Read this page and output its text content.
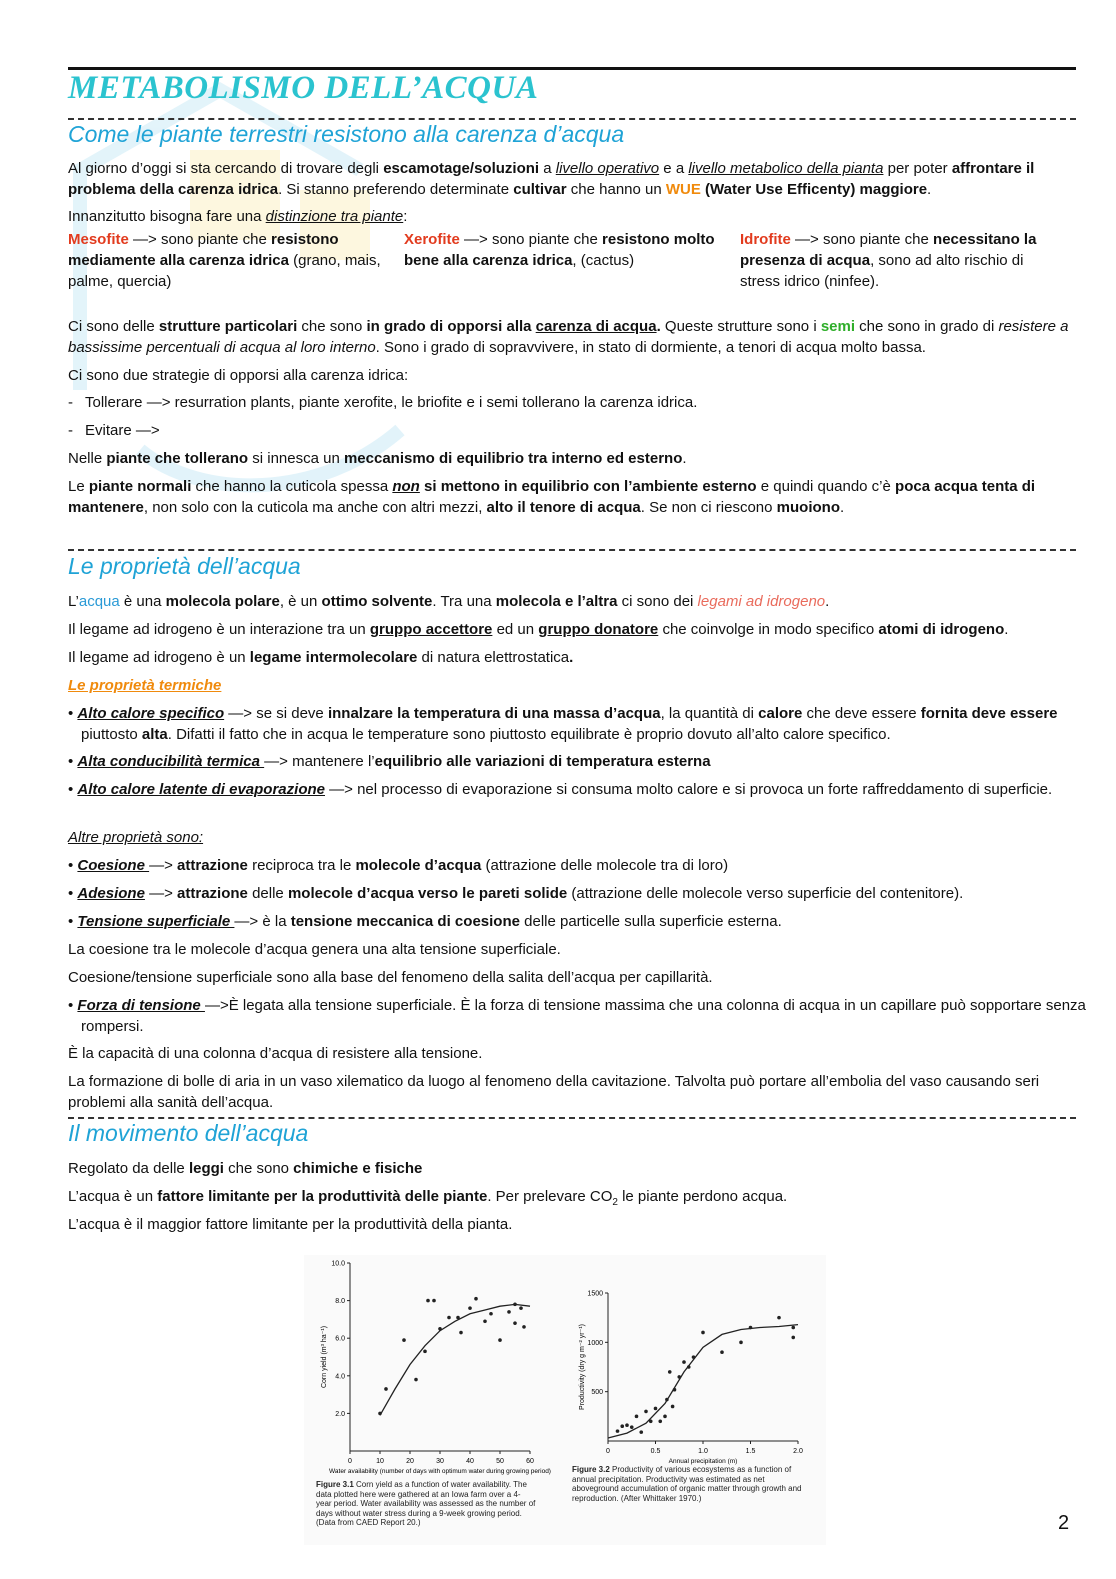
METABOLISMO DELL’ACQUA
Come le piante terrestri resistono alla carenza d’acqua

Al giorno d’oggi si sta cercando di trovare degli escamotage/soluzioni a livello operativo e a livello metabolico della pianta per poter affrontare il problema della carenza idrica. Si stanno preferendo determinate cultivar che hanno un WUE (Water Use Efficenty) maggiore.

Innanzitutto bisogna fare una distinzione tra piante:

Mesofite —> sono piante che resistono mediamente alla carenza idrica (grano, mais, palme, quercia)
Xerofite —> sono piante che resistono molto bene alla carenza idrica, (cactus)
Idrofite —> sono piante che necessitano la presenza di acqua, sono ad alto rischio di stress idrico (ninfee).

Ci sono delle strutture particolari che sono in grado di opporsi alla carenza di acqua. Queste strutture sono i semi che sono in grado di resistere a bassissime percentuali di acqua al loro interno. Sono i grado di sopravvivere, in stato di dormiente, a tenori di acqua molto bassa.

Ci sono due strategie di opporsi alla carenza idrica:

- Tollerare —> resurration plants, piante xerofite, le briofite e i semi tollerano la carenza idrica.

- Evitare —>

Nelle piante che tollerano si innesca un meccanismo di equilibrio tra interno ed esterno.

Le piante normali che hanno la cuticola spessa non si mettono in equilibrio con l’ambiente esterno e quindi quando c’è poca acqua tenta di mantenere, non solo con la cuticola ma anche con altri mezzi, alto il tenore di acqua. Se non ci riescono muoiono.

Le proprietà dell’acqua

L’acqua è una molecola polare, è un ottimo solvente. Tra una molecola e l’altra ci sono dei legami ad idrogeno.

Il legame ad idrogeno è un interazione tra un gruppo accettore ed un gruppo donatore che coinvolge in modo specifico atomi di idrogeno.

Il legame ad idrogeno è un legame intermolecolare di natura elettrostatica.

Le proprietà termiche

• Alto calore specifico —> se si deve innalzare la temperatura di una massa d’acqua, la quantità di calore che deve essere fornita deve essere piuttosto alta. Difatti il fatto che in acqua le temperature sono piuttosto equilibrate è proprio dovuto all’alto calore specifico.

• Alta conducibilità termica —> mantenere l’equilibrio alle variazioni di temperatura esterna

• Alto calore latente di evaporazione —> nel processo di evaporazione si consuma molto calore e si provoca un forte raffreddamento di superficie.

Altre proprietà sono:

• Coesione —> attrazione reciproca tra le molecole d’acqua (attrazione delle molecole tra di loro)

• Adesione —> attrazione delle molecole d’acqua verso le pareti solide (attrazione delle molecole verso superficie del contenitore).

• Tensione superficiale —> è la tensione meccanica di coesione delle particelle sulla superficie esterna.

La coesione tra le molecole d’acqua genera una alta tensione superficiale.

Coesione/tensione superficiale sono alla base del fenomeno della salita dell’acqua per capillarità.

• Forza di tensione —>È legata alla tensione superficiale. È la forza di tensione massima che una colonna di acqua in un capillare può sopportare senza rompersi.

È la capacità di una colonna d’acqua di resistere alla tensione.

La formazione di bolle di aria in un vaso xilematico da luogo al fenomeno della cavitazione. Talvolta può portare all’embolia del vaso causando seri problemi alla sanità dell’acqua.

Il movimento dell’acqua

Regolato da delle leggi che sono chimiche e fisiche

L’acqua è un fattore limitante per la produttività delle piante. Per prelevare $CO_2$ le piante perdono acqua.

L’acqua è il maggior fattore limitante per la produttività della pianta.

0	10	20	30	40	50	60
2.0
4.0
6.0
8.0
10.0
Water availability (number of days with optimum water during growing period)
Corn yield (m³ ha⁻¹)
0	0.5	1.0	1.5	2.0
500
1000
1500
Annual precipitation (m)
Productivity (dry g m⁻² yr⁻¹)
Figure 3.1 Corn yield as a function of water availability. The data plotted here were gathered at an Iowa farm over a 4-year period. Water availability was assessed as the number of days without water stress during a 9-week growing period. (Data from CAED Report 20.)
Figure 3.2 Productivity of various ecosystems as a function of annual precipitation. Productivity was estimated as net aboveground accumulation of organic matter through growth and reproduction. (After Whittaker 1970.)
2
